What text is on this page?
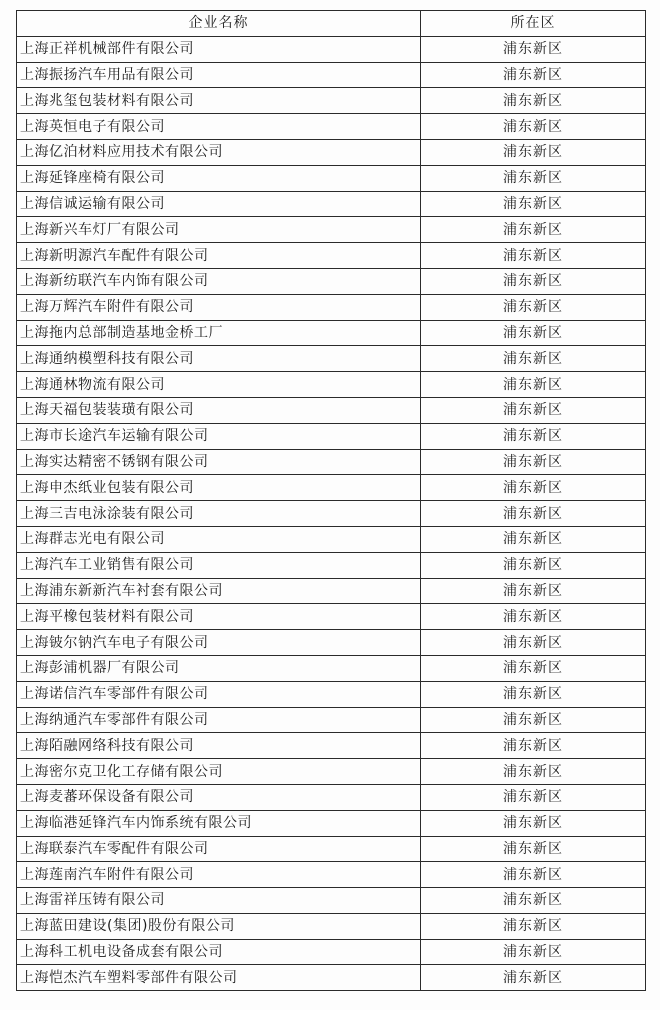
企业名称	所在区
上海正祥机械部件有限公司	浦东新区
上海振扬汽车用品有限公司	浦东新区
上海兆玺包装材料有限公司	浦东新区
上海英恒电子有限公司	浦东新区
上海亿泊材料应用技术有限公司	浦东新区
上海延锋座椅有限公司	浦东新区
上海信诚运输有限公司	浦东新区
上海新兴车灯厂有限公司	浦东新区
上海新明源汽车配件有限公司	浦东新区
上海新纺联汽车内饰有限公司	浦东新区
上海万辉汽车附件有限公司	浦东新区
上海拖内总部制造基地金桥工厂	浦东新区
上海通纳模塑科技有限公司	浦东新区
上海通林物流有限公司	浦东新区
上海天福包装装璜有限公司	浦东新区
上海市长途汽车运输有限公司	浦东新区
上海实达精密不锈钢有限公司	浦东新区
上海申杰纸业包装有限公司	浦东新区
上海三吉电泳涂装有限公司	浦东新区
上海群志光电有限公司	浦东新区
上海汽车工业销售有限公司	浦东新区
上海浦东新新汽车衬套有限公司	浦东新区
上海平橡包装材料有限公司	浦东新区
上海铍尔钠汽车电子有限公司	浦东新区
上海彭浦机器厂有限公司	浦东新区
上海诺信汽车零部件有限公司	浦东新区
上海纳通汽车零部件有限公司	浦东新区
上海陌融网络科技有限公司	浦东新区
上海密尔克卫化工存储有限公司	浦东新区
上海麦蕃环保设备有限公司	浦东新区
上海临港延锋汽车内饰系统有限公司	浦东新区
上海联泰汽车零配件有限公司	浦东新区
上海莲南汽车附件有限公司	浦东新区
上海雷祥压铸有限公司	浦东新区
上海蓝田建设(集团)股份有限公司	浦东新区
上海科工机电设备成套有限公司	浦东新区
上海恺杰汽车塑料零部件有限公司	浦东新区
